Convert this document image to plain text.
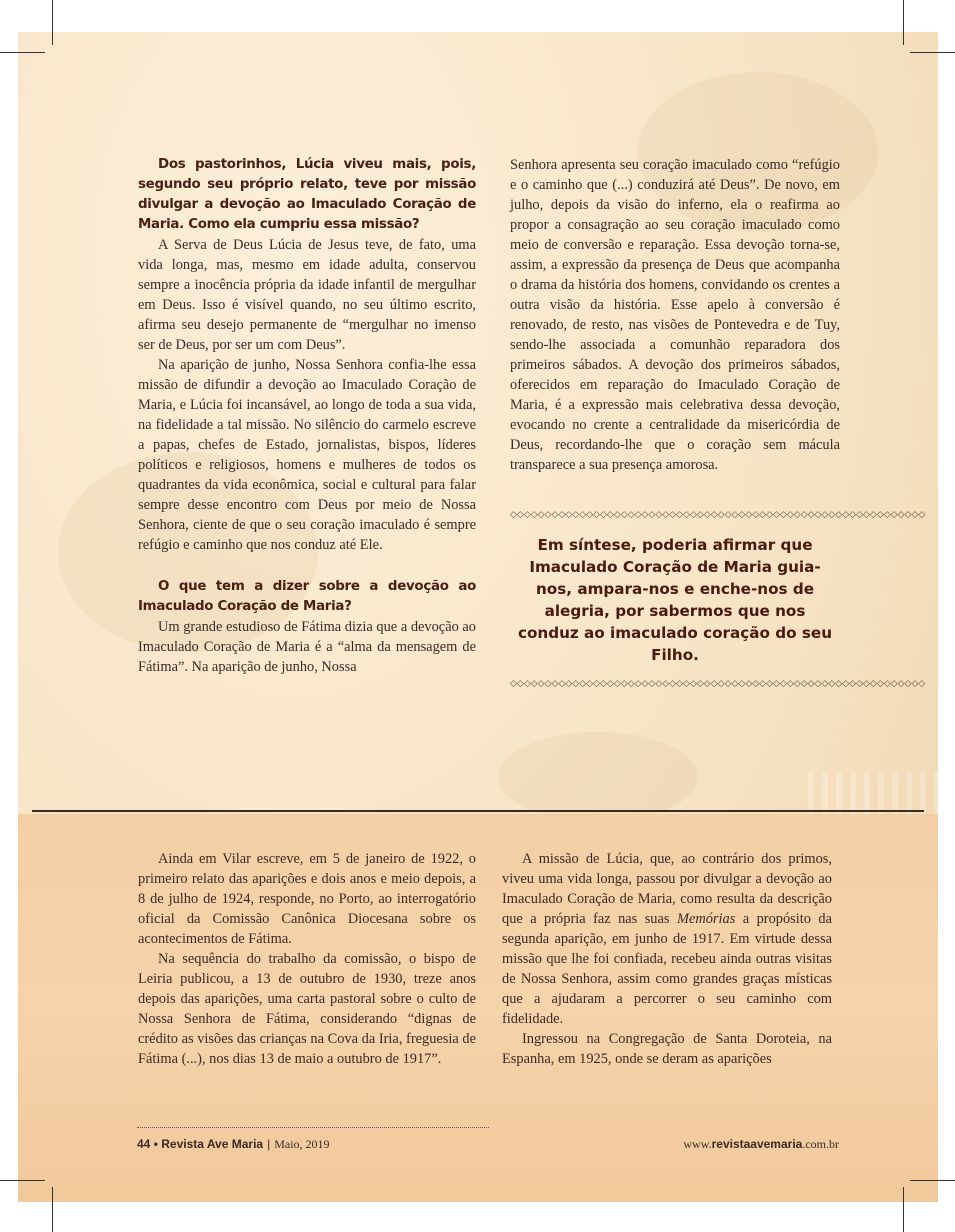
Dos pastorinhos, Lúcia viveu mais, pois, segundo seu próprio relato, teve por missão divulgar a devoção ao Imaculado Coração de Maria. Como ela cumpriu essa missão?

A Serva de Deus Lúcia de Jesus teve, de fato, uma vida longa, mas, mesmo em idade adulta, conservou sempre a inocência própria da idade infantil de mergulhar em Deus. Isso é visível quando, no seu último escrito, afirma seu desejo permanente de “mergulhar no imenso ser de Deus, por ser um com Deus”.

Na aparição de junho, Nossa Senhora confia-lhe essa missão de difundir a devoção ao Imaculado Coração de Maria, e Lúcia foi incansável, ao longo de toda a sua vida, na fidelidade a tal missão. No silêncio do carmelo escreve a papas, chefes de Estado, jornalistas, bispos, líderes políticos e religiosos, homens e mulheres de todos os quadrantes da vida econômica, social e cultural para falar sempre desse encontro com Deus por meio de Nossa Senhora, ciente de que o seu coração imaculado é sempre refúgio e caminho que nos conduz até Ele.

O que tem a dizer sobre a devoção ao Imaculado Coração de Maria?

Um grande estudioso de Fátima dizia que a devoção ao Imaculado Coração de Maria é a “alma da mensagem de Fátima”. Na aparição de junho, Nossa

Senhora apresenta seu coração imaculado como “refúgio e o caminho que (...) conduzirá até Deus”. De novo, em julho, depois da visão do inferno, ela o reafirma ao propor a consagração ao seu coração imaculado como meio de conversão e reparação. Essa devoção torna-se, assim, a expressão da presença de Deus que acompanha o drama da história dos homens, convidando os crentes a outra visão da história. Esse apelo à conversão é renovado, de resto, nas visões de Pontevedra e de Tuy, sendo-lhe associada a comunhão reparadora dos primeiros sábados. A devoção dos primeiros sábados, oferecidos em reparação do Imaculado Coração de Maria, é a expressão mais celebrativa dessa devoção, evocando no crente a centralidade da misericórdia de Deus, recordando-lhe que o coração sem mácula transparece a sua presença amorosa.

◇◇◇◇◇◇◇◇◇◇◇◇◇◇◇◇◇◇◇◇◇◇◇◇◇◇◇◇◇◇◇◇◇◇◇◇◇◇◇◇◇◇◇◇◇◇◇◇◇◇◇◇◇◇◇◇◇◇◇◇
Em síntese, poderia afirmar que Imaculado Coração de Maria guia-nos, ampara-nos e enche-nos de alegria, por sabermos que nos conduz ao imaculado coração do seu Filho.
◇◇◇◇◇◇◇◇◇◇◇◇◇◇◇◇◇◇◇◇◇◇◇◇◇◇◇◇◇◇◇◇◇◇◇◇◇◇◇◇◇◇◇◇◇◇◇◇◇◇◇◇◇◇◇◇◇◇◇◇

Ainda em Vilar escreve, em 5 de janeiro de 1922, o primeiro relato das aparições e dois anos e meio depois, a 8 de julho de 1924, responde, no Porto, ao interrogatório oficial da Comissão Canônica Diocesana sobre os acontecimentos de Fátima.

Na sequência do trabalho da comissão, o bispo de Leiria publicou, a 13 de outubro de 1930, treze anos depois das aparições, uma carta pastoral sobre o culto de Nossa Senhora de Fátima, considerando “dignas de crédito as visões das crianças na Cova da Iria, freguesia de Fátima (...), nos dias 13 de maio a outubro de 1917”.

A missão de Lúcia, que, ao contrário dos primos, viveu uma vida longa, passou por divulgar a devoção ao Imaculado Coração de Maria, como resulta da descrição que a própria faz nas suas Memórias a propósito da segunda aparição, em junho de 1917. Em virtude dessa missão que lhe foi confiada, recebeu ainda outras visitas de Nossa Senhora, assim como grandes graças místicas que a ajudaram a percorrer o seu caminho com fidelidade.

Ingressou na Congregação de Santa Doroteia, na Espanha, em 1925, onde se deram as aparições

44 • Revista Ave Maria | Maio, 2019	www.revistaavemaria.com.br
